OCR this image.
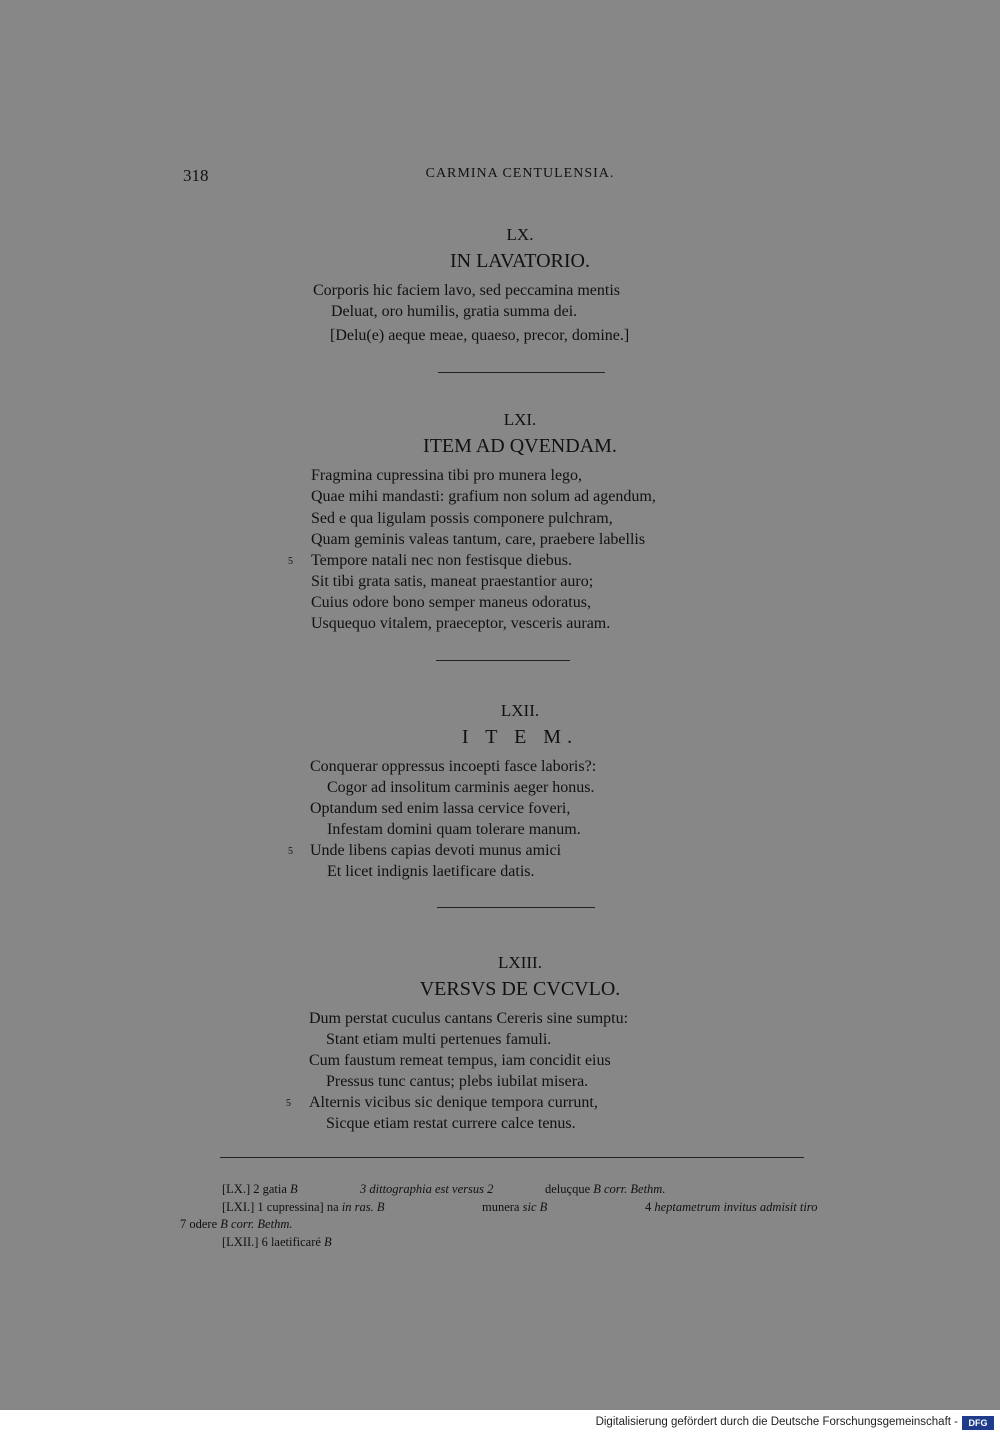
318	CARMINA CENTULENSIA.
LX.
IN LAVATORIO.
Corporis hic faciem lavo, sed peccamina mentis
Deluat, oro humilis, gratia summa dei.
[Delu(e) aeque meae, quaeso, precor, domine.]
LXI.
ITEM AD QVENDAM.
Fragmina cupressina tibi pro munera lego,
Quae mihi mandasti: grafium non solum ad agendum,
Sed e qua ligulam possis componere pulchram,
Quam geminis valeas tantum, care, praebere labellis
5 Tempore natali nec non festisque diebus.
Sit tibi grata satis, maneat praestantior auro;
Cuius odore bono semper maneus odoratus,
Usquequo vitalem, praeceptor, vesceris auram.
LXII.
I T E M.
Conquerar oppressus incoepti fasce laboris?:
Cogor ad insolitum carminis aeger honus.
Optandum sed enim lassa cervice foveri,
Infestam domini quam tolerare manum.
5 Unde libens capias devoti munus amici
Et licet indignis laetificare datis.
LXIII.
VERSVS DE CVCVLO.
Dum perstat cuculus cantans Cereris sine sumptu:
Stant etiam multi pertenues famuli.
Cum faustum remeat tempus, iam concidit eius
Pressus tunc cantus; plebs iubilat misera.
5 Alternis vicibus sic denique tempora currunt,
Sicque etiam restat currere calce tenus.
[LX.] 2 gatia B	3 dittographia est versus 2	deluçque B corr. Bethm.
[LXI.] 1 cupressina] na in ras. B	munera sic B	4 heptametrum invitus admisit tiro
7 odere B corr. Bethm.
[LXII.] 6 laetificaré B
Digitalisierung gefördert durch die Deutsche Forschungsgemeinschaft -	DFG
